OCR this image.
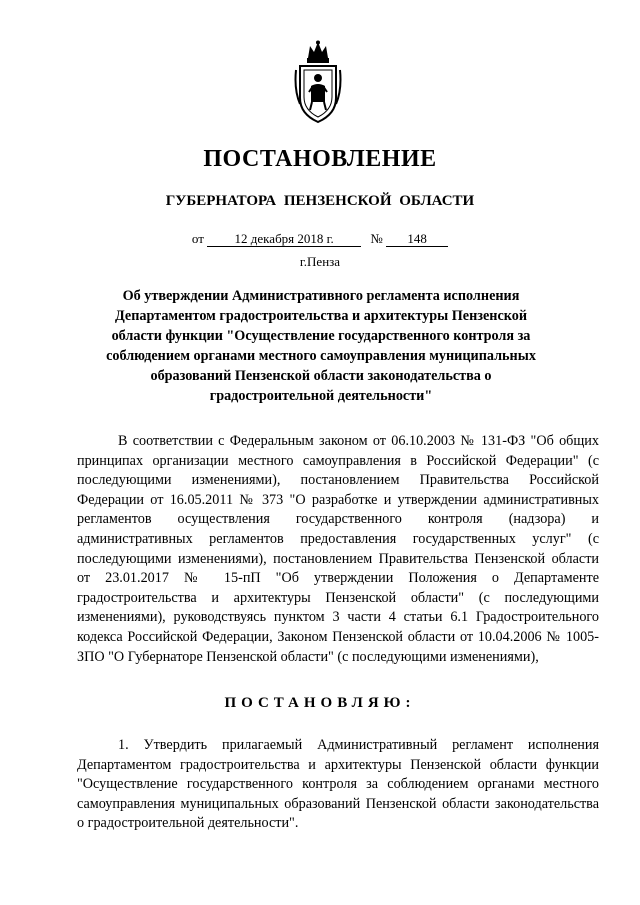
ПОСТАНОВЛЕНИЕ
ГУБЕРНАТОРА ПЕНЗЕНСКОЙ ОБЛАСТИ
от 12 декабря 2018 г.	№ 148
г.Пенза
Об утверждении Административного регламента исполнения Департаментом градостроительства и архитектуры Пензенской области функции "Осуществление государственного контроля за соблюдением органами местного самоуправления муниципальных образований Пензенской области законодательства о градостроительной деятельности"
В соответствии с Федеральным законом от 06.10.2003 № 131-ФЗ "Об общих принципах организации местного самоуправления в Российской Федерации" (с последующими изменениями), постановлением Правительства Российской Федерации от 16.05.2011 № 373 "О разработке и утверждении административных регламентов осуществления государственного контроля (надзора) и административных регламентов предоставления государственных услуг" (с последующими изменениями), постановлением Правительства Пензенской области от 23.01.2017 № 15-пП "Об утверждении Положения о Департаменте градостроительства и архитектуры Пензенской области" (с последующими изменениями), руководствуясь пунктом 3 части 4 статьи 6.1 Градостроительного кодекса Российской Федерации, Законом Пензенской области от 10.04.2006 № 1005-ЗПО "О Губернаторе Пензенской области" (с последующими изменениями),
ПОСТАНОВЛЯЮ:
1. Утвердить прилагаемый Административный регламент исполнения Департаментом градостроительства и архитектуры Пензенской области функции "Осуществление государственного контроля за соблюдением органами местного самоуправления муниципальных образований Пензенской области законодательства о градостроительной деятельности".
